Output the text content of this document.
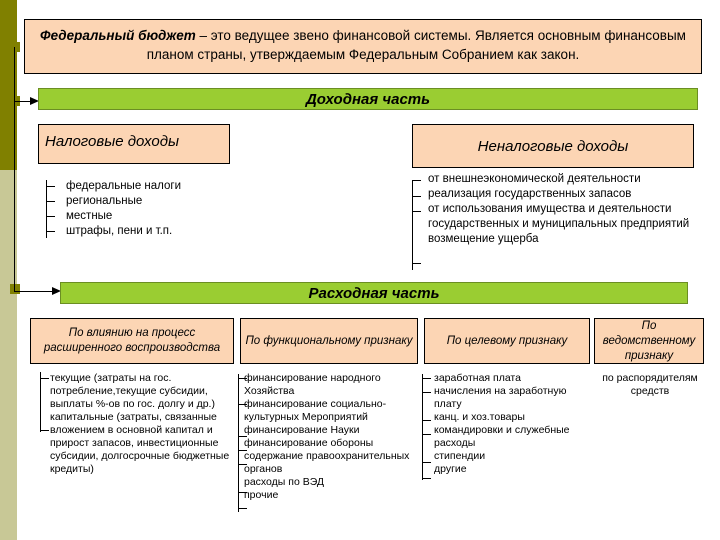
Федеральный бюджет – это ведущее звено финансовой системы. Является основным финансовым планом страны, утверждаемым Федеральным Собранием как закон.
Доходная часть
Налоговые доходы	Неналоговые доходы
федеральные налоги
региональные
местные
штрафы, пени и т.п.
от внешнеэкономической деятельности
реализация государственных запасов
от использования имущества и деятельности государственных и муниципальных предприятий
возмещение ущерба
Расходная часть
По влиянию на процесс расширенного воспроизводства
По функциональному признаку	По целевому признаку
По ведомственному признаку
текущие (затраты на гос. потребление,текущие субсидии, выплаты %-ов по гос. долгу и др.)
капитальные (затраты, связанные вложением в основной капитал и прирост запасов, инвестиционные субсидии, долгосрочные бюджетные кредиты)
финансирование народного Хозяйства
финансирование социально-культурных Мероприятий
финансирование Науки
финансирование обороны
содержание правоохранительных органов
расходы по ВЭД
прочие
заработная плата
начисления на заработную плату
канц. и хоз.товары
командировки и служебные расходы
стипендии
другие
по распорядителям средств
